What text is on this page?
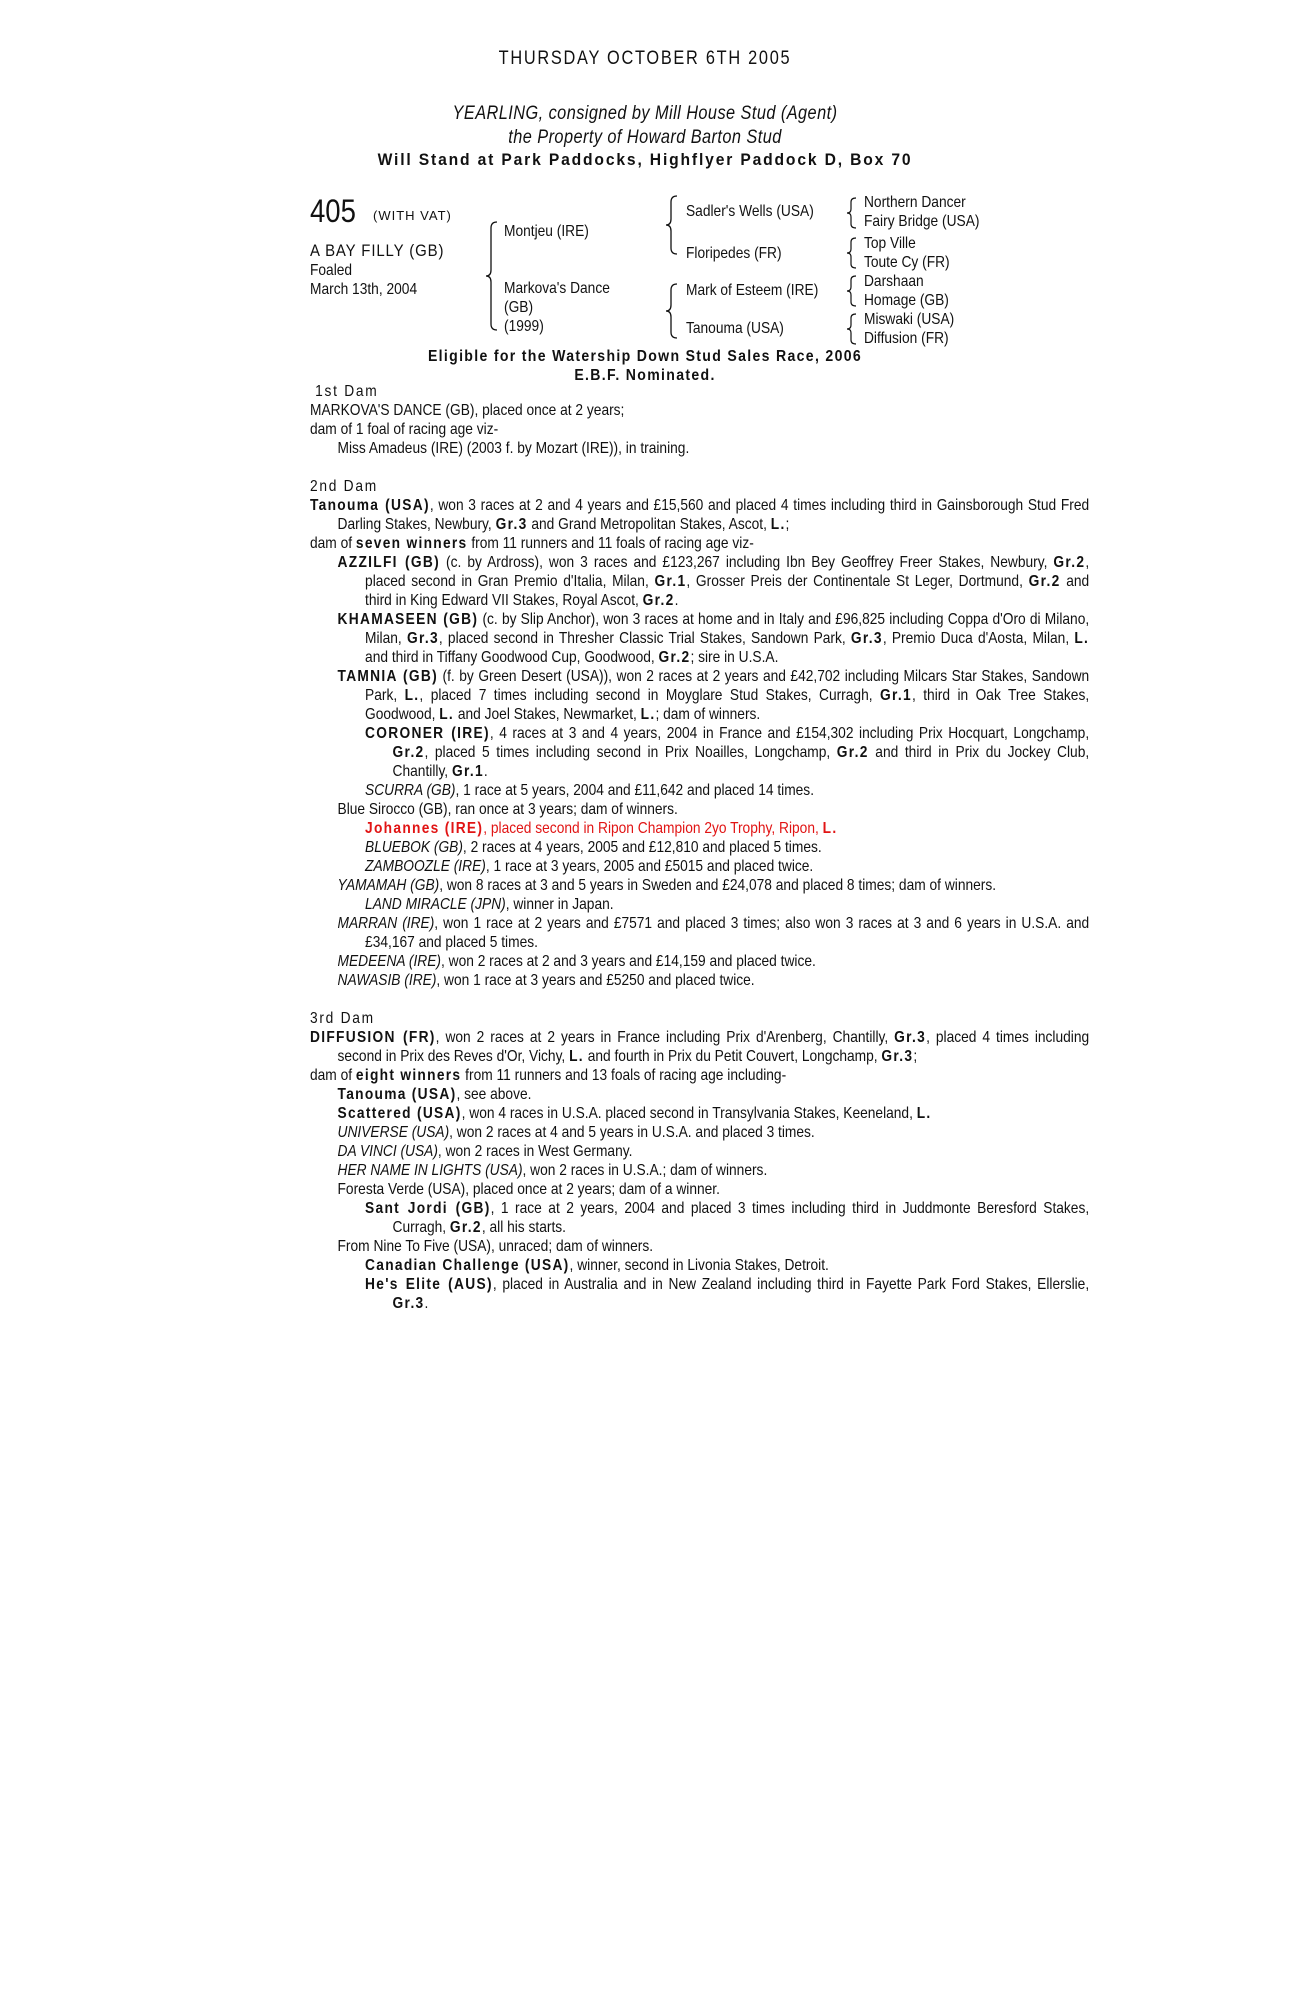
THURSDAY OCTOBER 6TH 2005
YEARLING, consigned by Mill House Stud (Agent)
the Property of Howard Barton Stud
Will Stand at Park Paddocks, Highflyer Paddock D, Box 70
405 (WITH VAT)
A BAY FILLY (GB)
Foaled
March 13th, 2004
Montjeu (IRE)
Markova's Dance
(GB)
(1999)
Sadler's Wells (USA)
Floripedes (FR)
Mark of Esteem (IRE)
Tanouma (USA)
Northern Dancer
Fairy Bridge (USA)
Top Ville
Toute Cy (FR)
Darshaan
Homage (GB)
Miswaki (USA)
Diffusion (FR)
Eligible for the Watership Down Stud Sales Race, 2006
E.B.F. Nominated.
1st Dam
MARKOVA'S DANCE (GB), placed once at 2 years;
dam of 1 foal of racing age viz-
Miss Amadeus (IRE) (2003 f. by Mozart (IRE)), in training.
2nd Dam
Tanouma (USA), won 3 races at 2 and 4 years and £15,560 and placed 4 times including third in Gainsborough Stud Fred Darling Stakes, Newbury, Gr.3 and Grand Metropolitan Stakes, Ascot, L.;
dam of seven winners from 11 runners and 11 foals of racing age viz-
AZZILFI (GB) (c. by Ardross), won 3 races and £123,267 including Ibn Bey Geoffrey Freer Stakes, Newbury, Gr.2, placed second in Gran Premio d'Italia, Milan, Gr.1, Grosser Preis der Continentale St Leger, Dortmund, Gr.2 and third in King Edward VII Stakes, Royal Ascot, Gr.2.
KHAMASEEN (GB) (c. by Slip Anchor), won 3 races at home and in Italy and £96,825 including Coppa d'Oro di Milano, Milan, Gr.3, placed second in Thresher Classic Trial Stakes, Sandown Park, Gr.3, Premio Duca d'Aosta, Milan, L. and third in Tiffany Goodwood Cup, Goodwood, Gr.2; sire in U.S.A.
TAMNIA (GB) (f. by Green Desert (USA)), won 2 races at 2 years and £42,702 including Milcars Star Stakes, Sandown Park, L., placed 7 times including second in Moyglare Stud Stakes, Curragh, Gr.1, third in Oak Tree Stakes, Goodwood, L. and Joel Stakes, Newmarket, L.; dam of winners.
CORONER (IRE), 4 races at 3 and 4 years, 2004 in France and £154,302 including Prix Hocquart, Longchamp, Gr.2, placed 5 times including second in Prix Noailles, Longchamp, Gr.2 and third in Prix du Jockey Club, Chantilly, Gr.1.
SCURRA (GB), 1 race at 5 years, 2004 and £11,642 and placed 14 times.
Blue Sirocco (GB), ran once at 3 years; dam of winners.
Johannes (IRE), placed second in Ripon Champion 2yo Trophy, Ripon, L.
BLUEBOK (GB), 2 races at 4 years, 2005 and £12,810 and placed 5 times.
ZAMBOOZLE (IRE), 1 race at 3 years, 2005 and £5015 and placed twice.
YAMAMAH (GB), won 8 races at 3 and 5 years in Sweden and £24,078 and placed 8 times; dam of winners.
LAND MIRACLE (JPN), winner in Japan.
MARRAN (IRE), won 1 race at 2 years and £7571 and placed 3 times; also won 3 races at 3 and 6 years in U.S.A. and £34,167 and placed 5 times.
MEDEENA (IRE), won 2 races at 2 and 3 years and £14,159 and placed twice.
NAWASIB (IRE), won 1 race at 3 years and £5250 and placed twice.
3rd Dam
DIFFUSION (FR), won 2 races at 2 years in France including Prix d'Arenberg, Chantilly, Gr.3, placed 4 times including second in Prix des Reves d'Or, Vichy, L. and fourth in Prix du Petit Couvert, Longchamp, Gr.3;
dam of eight winners from 11 runners and 13 foals of racing age including-
Tanouma (USA), see above.
Scattered (USA), won 4 races in U.S.A. placed second in Transylvania Stakes, Keeneland, L.
UNIVERSE (USA), won 2 races at 4 and 5 years in U.S.A. and placed 3 times.
DA VINCI (USA), won 2 races in West Germany.
HER NAME IN LIGHTS (USA), won 2 races in U.S.A.; dam of winners.
Foresta Verde (USA), placed once at 2 years; dam of a winner.
Sant Jordi (GB), 1 race at 2 years, 2004 and placed 3 times including third in Juddmonte Beresford Stakes, Curragh, Gr.2, all his starts.
From Nine To Five (USA), unraced; dam of winners.
Canadian Challenge (USA), winner, second in Livonia Stakes, Detroit.
He's Elite (AUS), placed in Australia and in New Zealand including third in Fayette Park Ford Stakes, Ellerslie, Gr.3.
